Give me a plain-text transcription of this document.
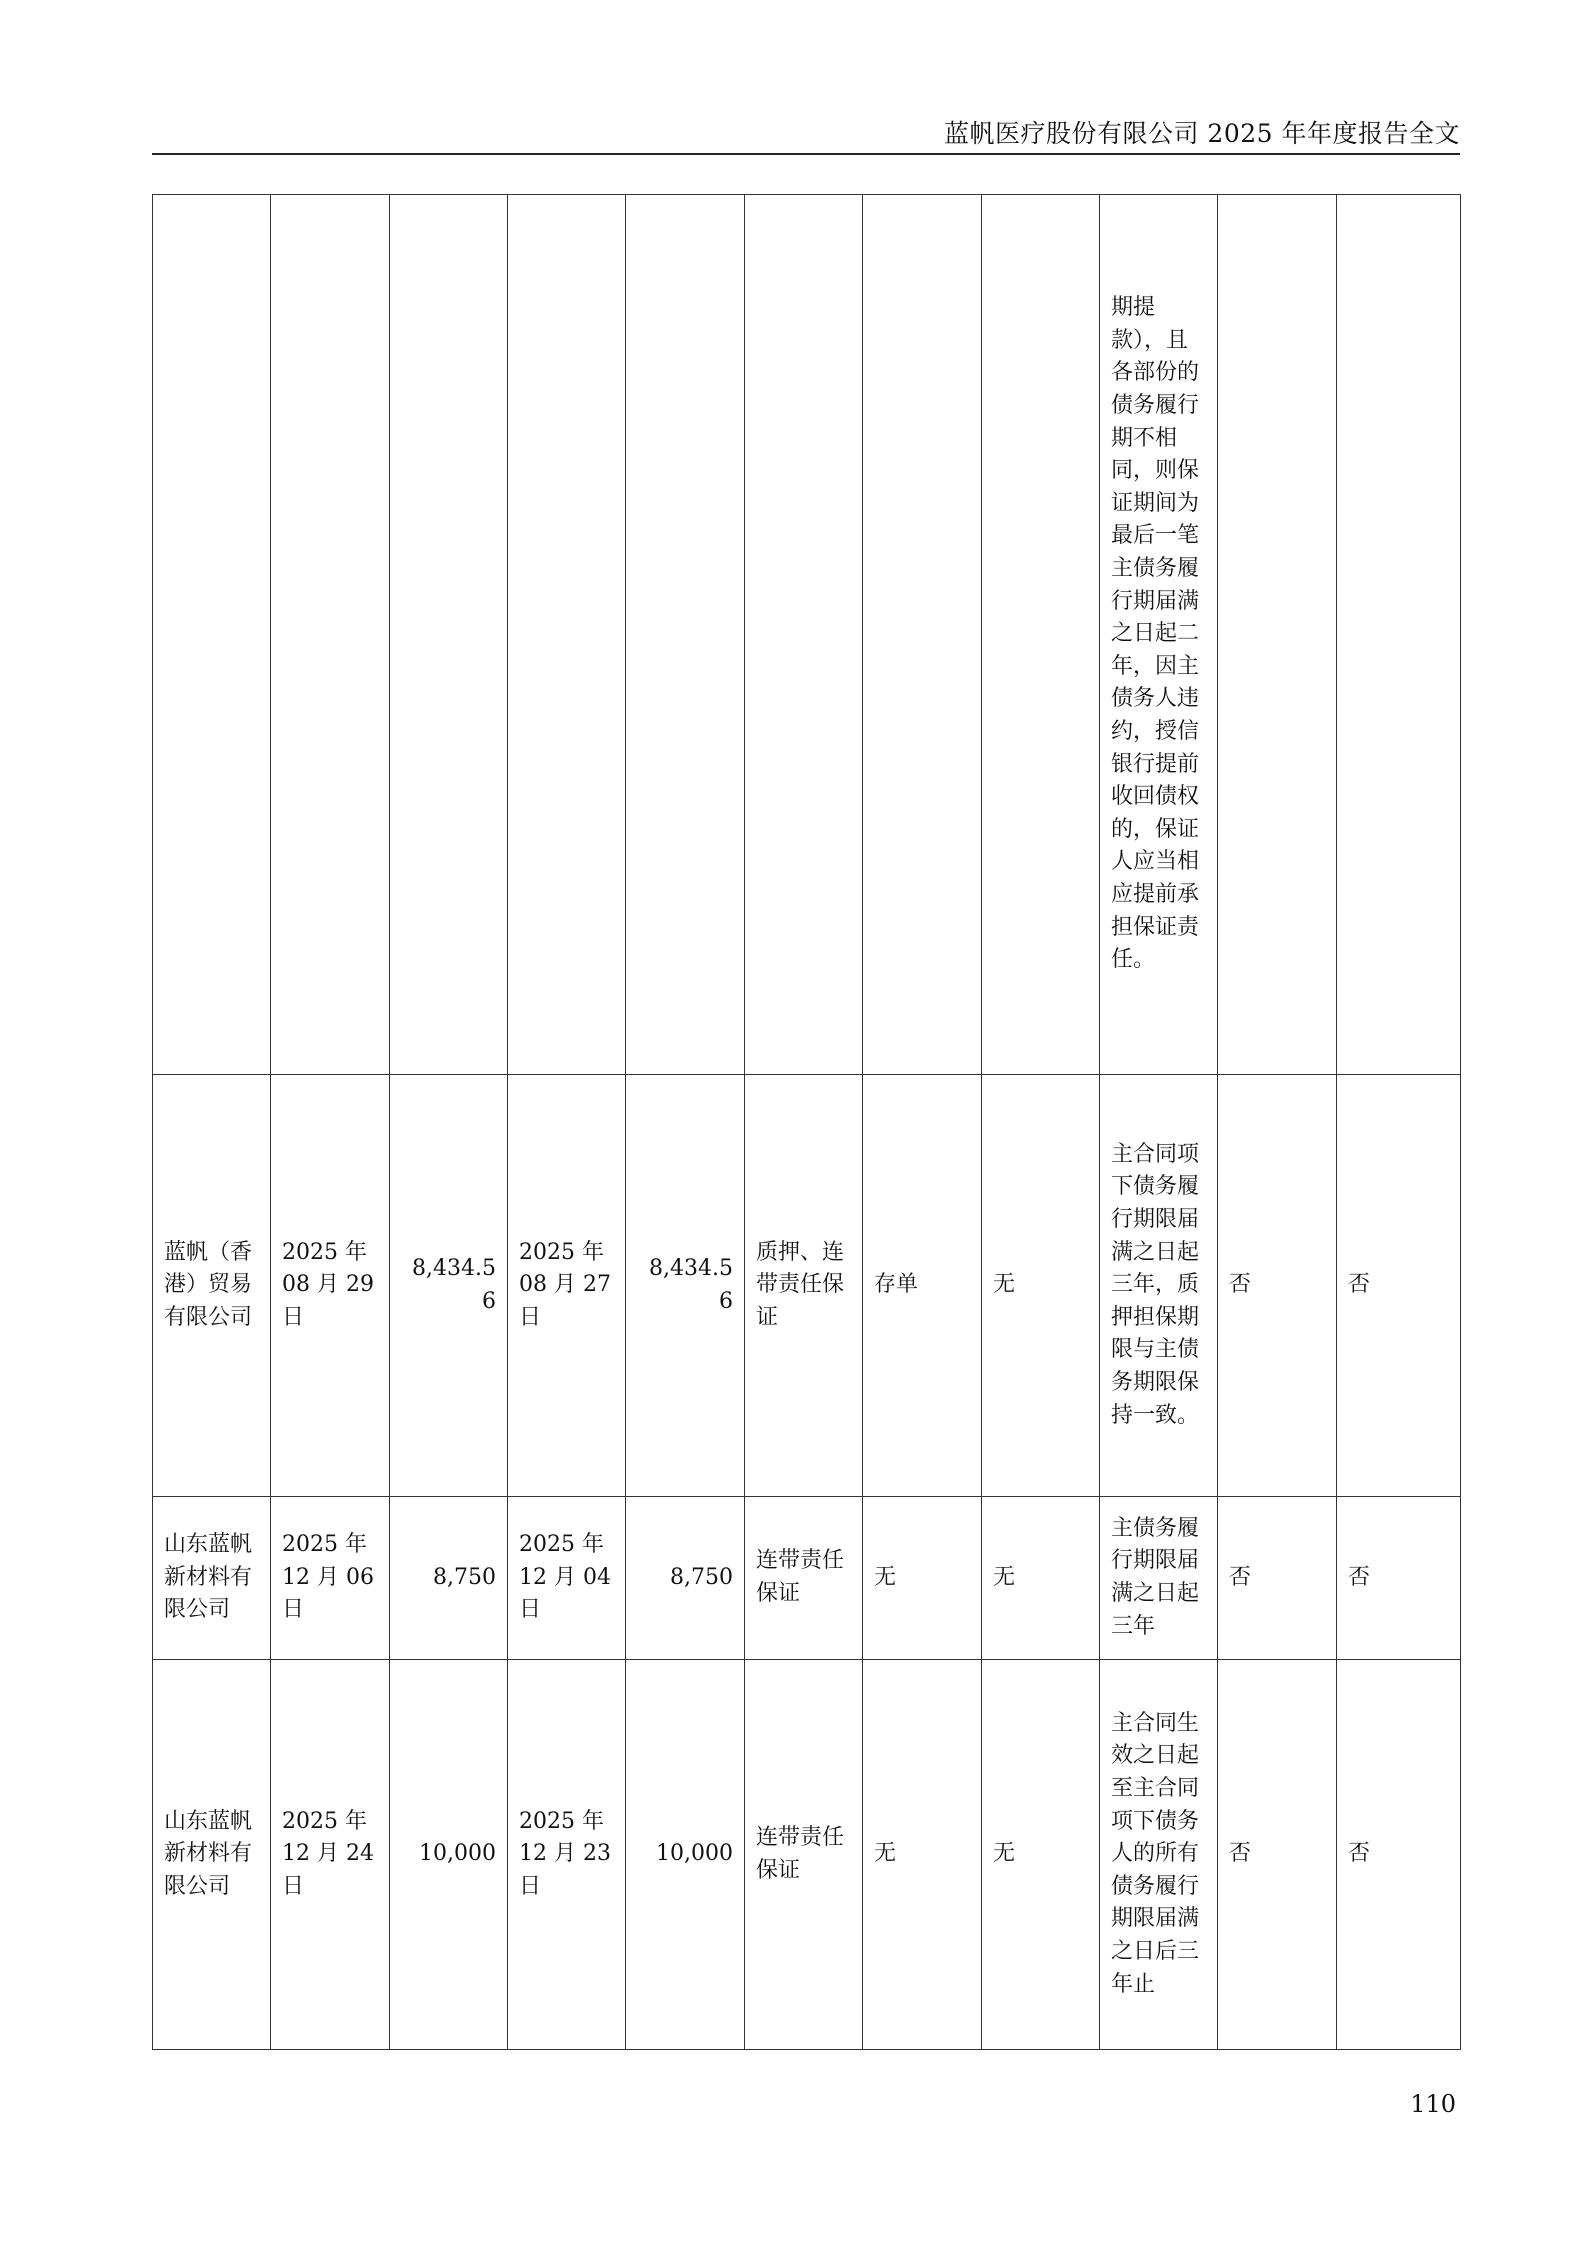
蓝帆医疗股份有限公司 2025 年年度报告全文
								期提款），且各部份的债务履行期不相同，则保证期间为最后一笔主债务履行期届满之日起二年，因主债务人违约，授信银行提前收回债权的，保证人应当相应提前承担保证责任。		
蓝帆（香港）贸易有限公司	2025 年 08 月 29 日	8,434.56	2025 年 08 月 27 日	8,434.56	质押、连带责任保证	存单	无	主合同项下债务履行期限届满之日起三年，质押担保期限与主债务期限保持一致。	否	否
山东蓝帆新材料有限公司	2025 年 12 月 06 日	8,750	2025 年 12 月 04 日	8,750	连带责任保证	无	无	主债务履行期限届满之日起三年	否	否
山东蓝帆新材料有限公司	2025 年 12 月 24 日	10,000	2025 年 12 月 23 日	10,000	连带责任保证	无	无	主合同生效之日起至主合同项下债务人的所有债务履行期限届满之日后三年止	否	否
110
